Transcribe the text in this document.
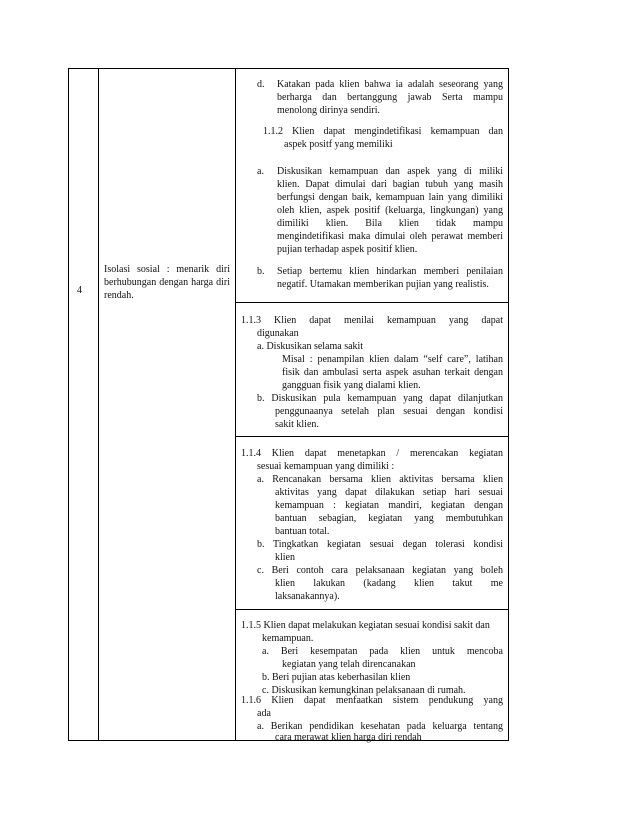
4
Isolasi sosial : menarik diri berhubungan dengan harga diri rendah.
d. Katakan pada klien bahwa ia adalah seseorang yang
berharga dan bertanggung jawab Serta mampu
menolong dirinya sendiri.
1.1.2 Klien dapat mengindetifikasi kemampuan dan
aspek positf yang memiliki
a. Diskusikan kemampuan dan aspek yang di miliki
klien. Dapat dimulai dari bagian tubuh yang masih
berfungsi dengan baik, kemampuan lain yang dimiliki
oleh klien, aspek positif (keluarga, lingkungan) yang
dimiliki klien. Bila klien tidak mampu
mengindetifikasi maka dimulai oleh perawat memberi
pujian terhadap aspek positif klien.
b. Setiap bertemu klien hindarkan memberi penilaian
negatif. Utamakan memberikan pujian yang realistis.
1.1.3 Klien dapat menilai kemampuan yang dapat
digunakan
a. Diskusikan selama sakit
Misal : penampilan klien dalam “self care”, latihan
fisik dan ambulasi serta aspek asuhan terkait dengan
gangguan fisik yang dialami klien.
b. Diskusikan pula kemampuan yang dapat dilanjutkan
penggunaanya setelah plan sesuai dengan kondisi
sakit klien.
1.1.4 Klien dapat menetapkan / merencakan kegiatan
sesuai kemampuan yang dimiliki :
a. Rencanakan bersama klien aktivitas bersama klien
aktivitas yang dapat dilakukan setiap hari sesuai
kemampuan : kegiatan mandiri, kegiatan dengan
bantuan sebagian, kegiatan yang membutuhkan
bantuan total.
b. Tingkatkan kegiatan sesuai degan tolerasi kondisi
klien
c. Beri contoh cara pelaksanaan kegiatan yang boleh
klien lakukan (kadang klien takut me
laksanakannya).
1.1.5 Klien dapat melakukan kegiatan sesuai kondisi sakit dan
kemampuan.
a. Beri kesempatan pada klien untuk mencoba
kegiatan yang telah direncanakan
b. Beri pujian atas keberhasilan klien
c. Diskusikan kemungkinan pelaksanaan di rumah.
1.1.6 Klien dapat menfaatkan sistem pendukung yang
ada
a. Berikan pendidikan kesehatan pada keluarga tentang
cara merawat klien harga diri rendah
